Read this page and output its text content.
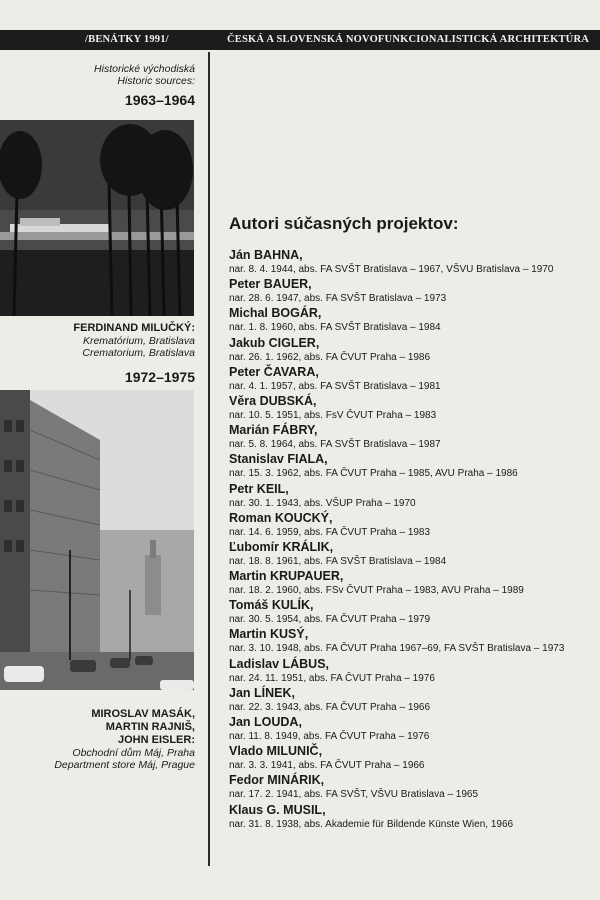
/BENÁTKY 1991/	ČESKÁ A SLOVENSKÁ NOVOFUNKCIONALISTICKÁ ARCHITEKTÚRA
Historické východiská
Historic sources:
1963–1964
FERDINAND MILUČKÝ:
Krematórium, Bratislava
Crematorium, Bratislava
1972–1975
MIROSLAV MASÁK,
MARTIN RAJNIŠ,
JOHN EISLER:
Obchodní dům Máj, Praha
Department store Máj, Prague
Autori súčasných projektov:
Ján BAHNA,
nar. 8. 4. 1944, abs. FA SVŠT Bratislava – 1967, VŠVU Bratislava – 1970
Peter BAUER,
nar. 28. 6. 1947, abs. FA SVŠT Bratislava – 1973
Michal BOGÁR,
nar. 1. 8. 1960, abs. FA SVŠT Bratislava – 1984
Jakub CIGLER,
nar. 26. 1. 1962, abs. FA ČVUT Praha – 1986
Peter ČAVARA,
nar. 4. 1. 1957, abs. FA SVŠT Bratislava – 1981
Věra DUBSKÁ,
nar. 10. 5. 1951, abs. FsV ČVUT Praha – 1983
Marián FÁBRY,
nar. 5. 8. 1964, abs. FA SVŠT Bratislava – 1987
Stanislav FIALA,
nar. 15. 3. 1962, abs. FA ČVUT Praha – 1985, AVU Praha – 1986
Petr KEIL,
nar. 30. 1. 1943, abs. VŠUP Praha – 1970
Roman KOUCKÝ,
nar. 14. 6. 1959, abs. FA ČVUT Praha – 1983
Ľubomír KRÁLIK,
nar. 18. 8. 1961, abs. FA SVŠT Bratislava – 1984
Martin KRUPAUER,
nar. 18. 2. 1960, abs. FSv ČVUT Praha – 1983, AVU Praha – 1989
Tomáš KULÍK,
nar. 30. 5. 1954, abs. FA ČVUT Praha – 1979
Martin KUSÝ,
nar. 3. 10. 1948, abs. FA ČVUT Praha 1967–69, FA SVŠT Bratislava – 1973
Ladislav LÁBUS,
nar. 24. 11. 1951, abs. FA ČVUT Praha – 1976
Jan LÍNEK,
nar. 22. 3. 1943, abs. FA ČVUT Praha – 1966
Jan LOUDA,
nar. 11. 8. 1949, abs. FA ČVUT Praha – 1976
Vlado MILUNIČ,
nar. 3. 3. 1941, abs. FA ČVUT Praha – 1966
Fedor MINÁRIK,
nar. 17. 2. 1941, abs. FA SVŠT, VŠVU Bratislava – 1965
Klaus G. MUSIL,
nar. 31. 8. 1938, abs. Akademie für Bildende Künste Wien, 1966
